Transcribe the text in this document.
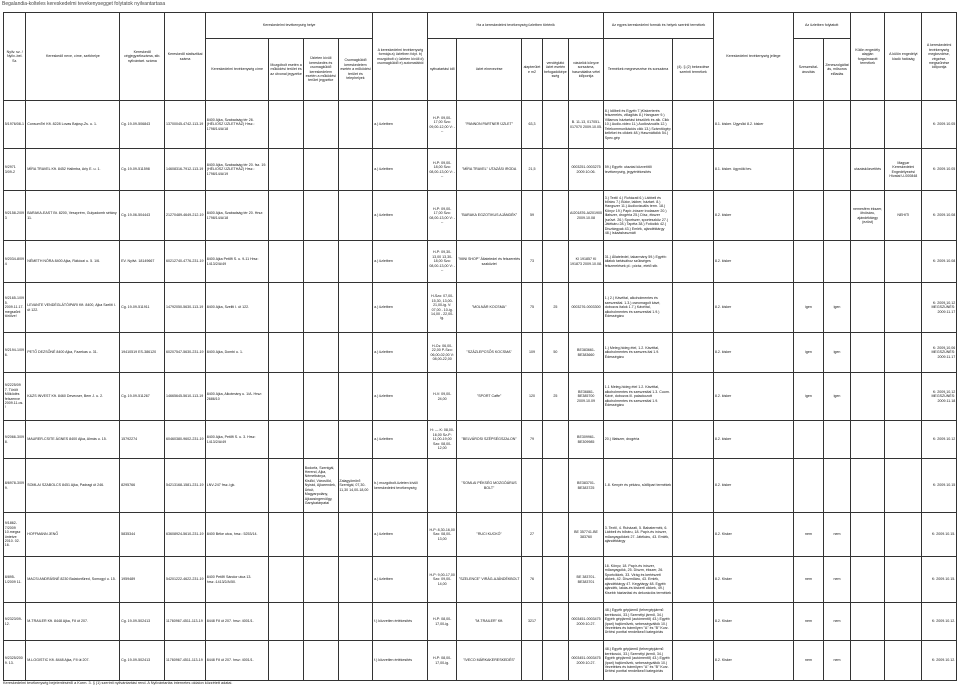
Begalandia-kolteles kereskedelmi tevekenysegget folytatok nyilvantartasa
Nyilv. sz. / Nyilv.-bel. Sz.	Kereskedő neve, címe, székhelye	Kereskedő cégjegyzékszáma, stb. nyilvántart. száma	Kereskedő statisztikai száma	Kereskedelmi tevékenység helye				A kereskedelmi tevékenység formája a) üzletben folyt. b) mozgóbolt c) üzleten kívüli d) csomagküldő e) automatából	Ha a kereskedelmi tevékenység üzletben történik					Az egyes kereskedelmi formák és helyek szerinti termékek		Kereskedelmi tevékenység jellege	Az üzletben folytatott		Külön engedély alapján forgalmazott termékek	A külön engedélyt kiadó hatóság	A kereskedelmi tevékenység megkezdése, végzése, megszűnése időpontja
				Kereskedelmi tevékenység címe	Mozgóbolt esetén a működési terület és az útvonal jegyzéke	Üzleten kívüli kereskedés és csomagküldő kereskedelem esetén a működési terület jegyzéke	Csomagküldő kereskedelem esetén a működési terület és telephelyek		nyitvatartási idő	üzlet elnevezése	alapterülete m2	vendéglátó üzlet esetén befogadóképesség	vásárlók könyve sorszáma, használatba vétel időpontja	Termékek megnevezése és sorszáma	(4). § (2) bekezdése szerinti termékek		Szeszesital-árusítás	Zeneszolgáltatás, műsoros előadás			
5/1976/08-1	ConsumTel Kft. 8228 Lovas Bajcsy-Zs. u. 1.	Cg. 19-09-506843	13700045-4742-113-19	8400 Ajka, Szabadság tér 26. (HÉLIOSZ ÜZLETHÁZ) Hrsz.: 1798/14/A/18				a.) üzletben	H-P: 09,00-17,00 Szo: 09,00-12,00 V: ---	"PANNON PARTNER ÜZLET"	63,3		B. 11-13, 017051-017070 2009.10.05.	8.) Időbeli és Egyéb 7.)Kiskerterés felszerelés, villagítás 8.) Hangszer 9.) Villamos háztartási készülék és alk. Cikk 10.) Audio-video 11.) Audiovizuális 12.) Telekommunikációs cikk 13.) Számítógép kellékei és cikkek 48.) Használtcikk 54.) Spec.gép		8.1. kisker. Ügynöki 8.2. kisker					K: 2009.10.05
9/2971 3/09-2	MÍRA TRAVEL Kft. 8452 Halimba, Arly E. u. 1.	Cg. 19-09-511598	14608316-7912-113-19	8400 Ajka, Szabadság tér 20. fsz. 19. (HÉLIOSZ ÜZLETHÁZ) Hrsz.: 1798/14/A/19				a.) üzletben	H-P: 09,00-18,00 Szo: 08,00-13,00 V: ---	"MÍRA TRAVEL" UTAZÁSI IRODA	21,5		0003251-0003275 2009.10.06.	59.) Egyéb: utazási közvetítői tevékenység, jegyértékesítés		8.1. kisker. ügynöki tev.			utazásközvetítés	Magyar Kereskedelmi Engedélyezési Hivatal U-000848	K: 2009.10.05
9/2158-2/09 3	BARAKA-EAST Bt. 8200, Veszprém, Gulyadomb sétány 11.	Cg. 19-06-504443	21270489-4649-212-19	8400 Ajka, Szabadság tér 20. Hrsz: 1798/14/A/18				a.) üzletben	H-P: 09,00-17,00 Szo: 08,00-13,00 V: ---	"BARAKA EGZOTIKUS AJÁNDÉK"	59		AI201876-AI201900 2009.10.08	3.) Textil 4.) Ruházati 6.) Lábbeli és bőráru 7.) Bútor, lakber, háztart. 8.) Hangszer 11.) Audiovizuális term. 18.) Könyv 19.) Papír-írószer irodaszer 20.) Illatszer, drogéria 25.) Dísz, ékszer (szüvé. 26.) Sportszer, sporteszköz 27.) Játékáru 28.) Tapéta 38.) Fotócikk 42.) Dísztárgyak 43.) Emlék, ajándéktárgy 48.) Iskaáshasznált		8.2. kisker			nemesfém ékszer, ötvösáru, ajándéktárgy (ezüst)	NEHITI	K: 2009.10.08
9/2034-8/09 4	NÉMETH NÓRA 8400 Ajka, Rákóczi u. 5. 1/6.	EV. Nyilvt. 18149667	60212740-4776-231-19	8400 Ajka Petőfi S. u. 9-11 Hrsz: 1413/2/A/49				a.) üzletben	H-P: 09,30-13,00 13,30-18,00 Szo: 08,00-13,00 V: ---	"MINI SHOP" Állateledel és felszerelés szaküzlet	73		KI 191857 KI 191873 2009.10.08.	31.) Állateledel, takarmány 59.) Egyéb: állatok tartásához szükséges felszerelések pl.: póráz, etető stb.		8.2. kisker					K: 2009.10.08
9/2165-1/09 5. 2009.11.17. megszűnt törölve!	LEVANTE VENDÉGLÁTÓIPARI Kft. 8400, Ajka Szeliti I. út 122.	Cg. 19-09-511911	14792050-5630-113-19	8400 Ajka, Szeliti I. út 122.				a.) üzletben	H-Szo: 07,00-15,30, 13,00-21,00-ig. V: 07,00 - 10-ig. 14,00 - 22,00-ig.	"MOLNÁR KOCSMA"	75	25	0003276-0003300	1.) 2.) Kávéital, alkoholmentes és szeszesital. 1.3.) cseomagolt kávé, dobozos italok 1.7.) Kávéital, alkoholmentes és szeszesital 1.9.) Édességáru		8.2. kisker	igen	igen			K: 2009.10.12 MEGSZŰNÉS: 2009.11.17
9/2194-1/09 6.	PETŐ DEZSŐNÉ 8400 Ajka, Fazekas u. 31.	19410519 ES-386120	60207547-5630-231-19	8400 Ajka, Dombi u. 1.				a.) üzletben	H-Cs: 06,00-22,00 P-Szo: 06,00-02,00 V: 08,00-22,00	"SZÁZLEPCSŐS KOCSMA"	109	50	BE383661-BE383660	1.) Meleg,hideg étel, 1.2. Kávéital, alkoholmentes és szeszes.ital 1.9. Édességáru		8.2. kisker	igen	igen			K: 2009.10.06 MEGSZŰNÉS: 2009.11.17
9/2225/09 7. Törölt Működés felszenve 2009.11.os. !	K&ZS INVEST Kft. 8460 Devecser, Bem J. u. 2.	Cg. 19-09-511267	14665645-5610-113-19	8400 Ajka, Alkotmány u. 1/A. Hrsz: 2686/10				a.) üzletben	H-V: 09,00-24,00	"SPORT Caffe"	120	25	BE36861-BE385700 2009.10.09	1.1 Meleg-hideg étel 1.2. Kávéital, alkoholmentes és szeszesital 1.3. Cuom. Kávé, dobozos ill. palackozott alkoholmentes és szeszesital 1.9. Édességáru		8.2. kisker	igen	igen			K: 2009.10.12 MEGSZŰNÉS: 2009.11.18
9/2066-3/09 8.	MAURER-CSITE ÁGNES 8400 Ajka, Almás u. 15.	15792274	60460380-9602-231-19	8400 Ajka, Petőfi S. u. 3. Hrsz: 1413/2/A/49				a.) üzletben	H: --- K: 08,00-16,00 Sz-P: 11,00-19,00 Szo: 08,00-12,00	"BELVÁROSI SZÉPSÉGSZALON"	79		BE309961-BE309985	20.) Illatszer, drogéria		8.2. kisker					K: 2009.10.12
8/6978-3/09 9.	SOMLAI SZABOLCS 8451 Ajka, Padragi út 246.	8295766	54213168-1581-231-19	LNV-247 frsz-i gk.		Bodorfa, Szentgál, Herend, Ajka, Németbánya, Kislőd, Városlőd, Nyirád, Ajkarendek, Úrkút, Magyarpolány, Ajkacsingervölgy, Ganykatárpatai	Zalagyömörő Szentgál, 07,30-11,30 14,00-18,00	b.) mozgóbolt-üzleten kívüli kereskedelmi tevékenység		"SOMLAI PÉKSÉG MOZGÓÁRUS BOLT"			BE383701-BE383725	1.8. Kenyér és pékáru, sütőipari termékek		8.2. kisker					K: 2009.10.15
9/1862-7/2009 10.megsz üntetve 2010. 02. 16.	HOFFMANN JENŐ	5835344	63608924-5610-231-19	8400 Béke utca, hrsz.: 5253/14.				a.) üzletben	H-P: 8,30-16,00 Szo: 08,00-13,00	"RUCI KUCKÓ"	27		BE 357741-BE 383760	3. Textil, 4. Ruházati, 5. Babatermék, 6. Lábbeli és bőráru, 18. Papír-és írószer, műanyagcikkek 27. Játékáru, 43. Emlék, ajándéktárgy		8.2. Kisker	nem	nem			K: 2009.10.15.
8/895-1/2009 11.	MACSI ANDRÁSNÉ 8230 Balatonfüred, Somogyi u. 15.	1959489	54201222-4622-231-19	8400 Petőfi Sándor utca 13. hrsz.:1413/2/A/50.				a.) üzletben	H-P: 9,00-17,00 Szo: 09,00-14,00	"SZELENCE" VIRÁG-AJÁNDÉKBOLT	76		BE 383701-BE383701	16. Könyv, 18. Papír-és írószer, műanyagcikk, 25. Díszm, ékszer, 26. Sportcikkek, 33. Virág és kertészeti cikkek, 42. Díszműáru, 43. Emlék, ajándéktárgy 47. Kegytárgy 48. Egyéb ajándék, lakás-és kiskerti cikkek, 49.) Kisebb háztartási és dekorációs termékek		8.2. Kisker	nem	nem			K: 2009.10.15.
9/2323/09-12.	M-TRAILER Kft. 8448 Ajka, Fő út 207.	Cg. 19-09-502413	11760967-4511-113-19	8448 Fő út 207. hrsz: 4001/1.				f.) közvetlen értékesítés	H-P: 08,00-17,00-ig.	"M-TRAILER" Kft.	3217		0003451-0003475 2009.10.27.	48.) Egyéb gépjármű (tehergépjármű kerékcsúú, 33.) Személyi jármű, 34.) Egyéb gépjármű (autómentő) 43.) Egyéb (ipari) hajtóművek, sebességváltók 10.) Vezetékes és bármilyen "A" és "B" Kurz. Ürítési ponttal rendelkező kategóriás		8.2. Kisker	nem	nem			K: 2009.10.12.
9/2325/200 9. 13.	M-LOGISTIC Kft. 8448 Ajka, Fő út 207.	Cg. 19-09-502413	11760967-4511-113-19	8448 Fő út 207. hrsz: 4001/1.				f.) közvetlen értékesítés	H-P: 08,00-17,00-ig.	"IVECO MÁRKAKERESKEDÉS"			0003451-0003475 2009.10.27.	48.) Egyéb gépjármű (tehergépjármű kerékcsúú, 33.) Személyi jármű, 34.) Egyéb gépjármű (autómentő) 43.) Egyéb (ipari) hajtóművek, sebességváltók 10.) Vezetékes és bármilyen "A" és "B" Kurz. Ürítési ponttal rendelkező kategóriás		8.2. Kisker	nem	nem			K: 2009.10.12.
Kereskedelmi tevékenység bejelentéséről a Korm. 3. § (1) szerinti nyilvántartási rend. A Nyilvántartás internetes oldalon közzétett adatai.
